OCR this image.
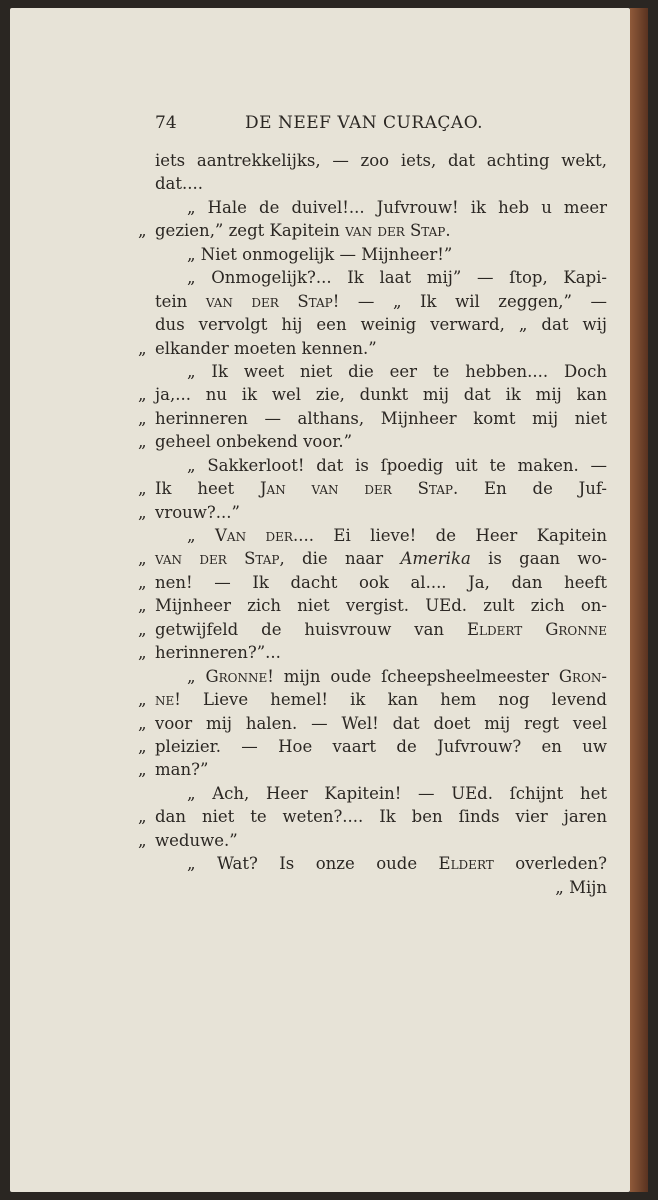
74	DE NEEF VAN CURAÇAO.
iets aantrekkelijks, — zoo iets, dat achting wekt,
dat....
„ Hale de duivel!... Jufvrouw! ik heb u meer
„ gezien,” zegt Kapitein van der Stap.
„ Niet onmogelijk — Mijnheer!”
„ Onmogelijk?... Ik laat mij” — ſtop, Kapi-
tein van der Stap! — „ Ik wil zeggen,” —
dus vervolgt hij een weinig verward, „ dat wij
„ elkander moeten kennen.”
„ Ik weet niet die eer te hebben.... Doch
„ ja,... nu ik wel zie, dunkt mij dat ik mij kan
„ herinneren — althans, Mijnheer komt mij niet
„ geheel onbekend voor.”
„ Sakkerloot! dat is ſpoedig uit te maken. —
„ Ik heet Jan van der Stap. En de Juf-
„ vrouw?...”
„ Van der.... Ei lieve! de Heer Kapitein
„ van der Stap, die naar Amerika is gaan wo-
„ nen! — Ik dacht ook al.... Ja, dan heeft
„ Mijnheer zich niet vergist. UEd. zult zich on-
„ getwijfeld de huisvrouw van Eldert Gronne
„ herinneren?”...
„ Gronne! mijn oude ſcheepsheelmeester Gron-
„ ne! Lieve hemel! ik kan hem nog levend
„ voor mij halen. — Wel! dat doet mij regt veel
„ pleizier. — Hoe vaart de Jufvrouw? en uw
„ man?”
„ Ach, Heer Kapitein! — UEd. ſchijnt het
„ dan niet te weten?.... Ik ben ſinds vier jaren
„ weduwe.”
„ Wat? Is onze oude Eldert overleden?
„ Mijn
